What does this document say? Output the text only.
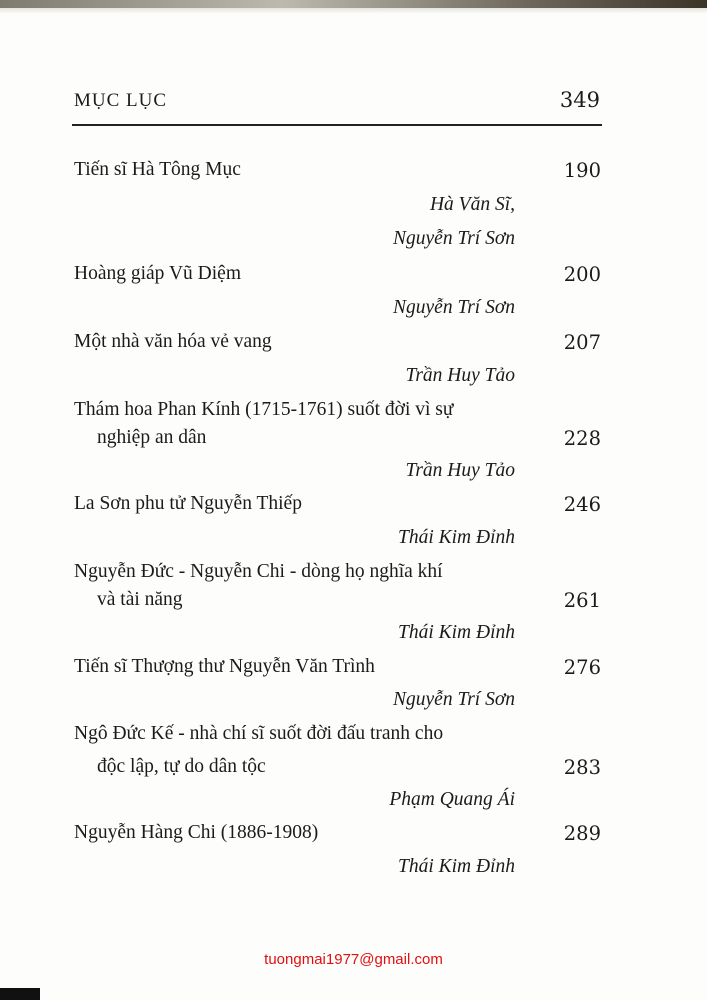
MỤC LỤC	349
Tiến sĩ Hà Tông Mục	190
Hà Văn Sĩ,
Nguyễn Trí Sơn
Hoàng giáp Vũ Diệm	200
Nguyễn Trí Sơn
Một nhà văn hóa vẻ vang	207
Trần Huy Tảo
Thám hoa Phan Kính (1715-1761) suốt đời vì sự
nghiệp an dân	228
Trần Huy Tảo
La Sơn phu tử Nguyễn Thiếp	246
Thái Kim Đỉnh
Nguyễn Đức - Nguyễn Chi - dòng họ nghĩa khí
và tài năng	261
Thái Kim Đỉnh
Tiến sĩ Thượng thư Nguyễn Văn Trình	276
Nguyễn Trí Sơn
Ngô Đức Kế - nhà chí sĩ suốt đời đấu tranh cho
độc lập, tự do dân tộc	283
Phạm Quang Ái
Nguyễn Hàng Chi (1886-1908)	289
Thái Kim Đỉnh
tuongmai1977@gmail.com
